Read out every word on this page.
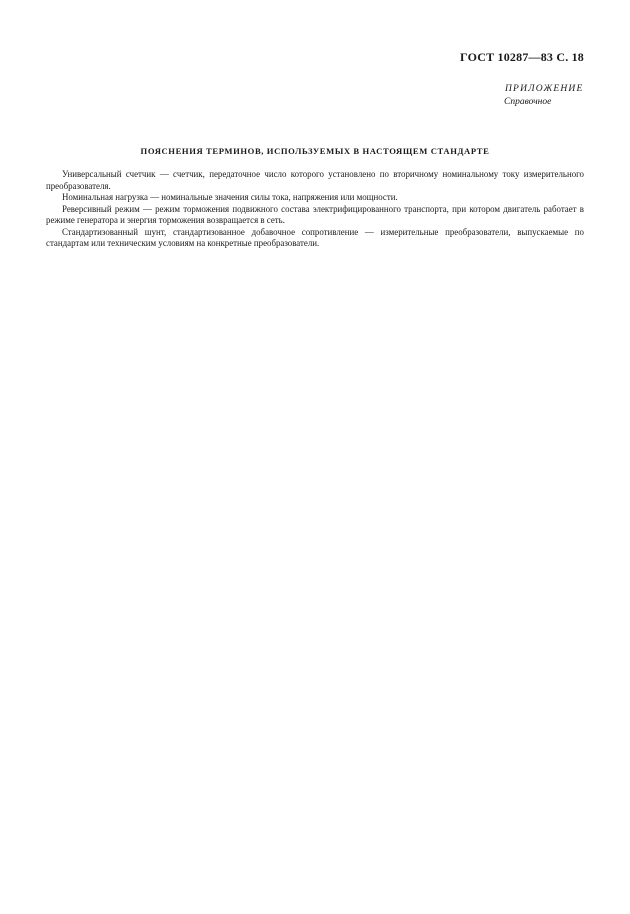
ГОСТ 10287—83 С. 18
ПРИЛОЖЕНИЕ
Справочное
ПОЯСНЕНИЯ ТЕРМИНОВ, ИСПОЛЬЗУЕМЫХ В НАСТОЯЩЕМ СТАНДАРТЕ

Универсальный счетчик — счетчик, передаточное число которого установлено по вторичному номинальному току измерительного преобразователя.

Номинальная нагрузка — номинальные значения силы тока, напряжения или мощности.

Реверсивный режим — режим торможения подвижного состава электрифицированного транспорта, при котором двигатель работает в режиме генератора и энергия торможения возвращается в сеть.

Стандартизованный шунт, стандартизованное добавочное сопротивление — измерительные преобразователи, выпускаемые по стандартам или техническим условиям на конкретные преобразователи.
